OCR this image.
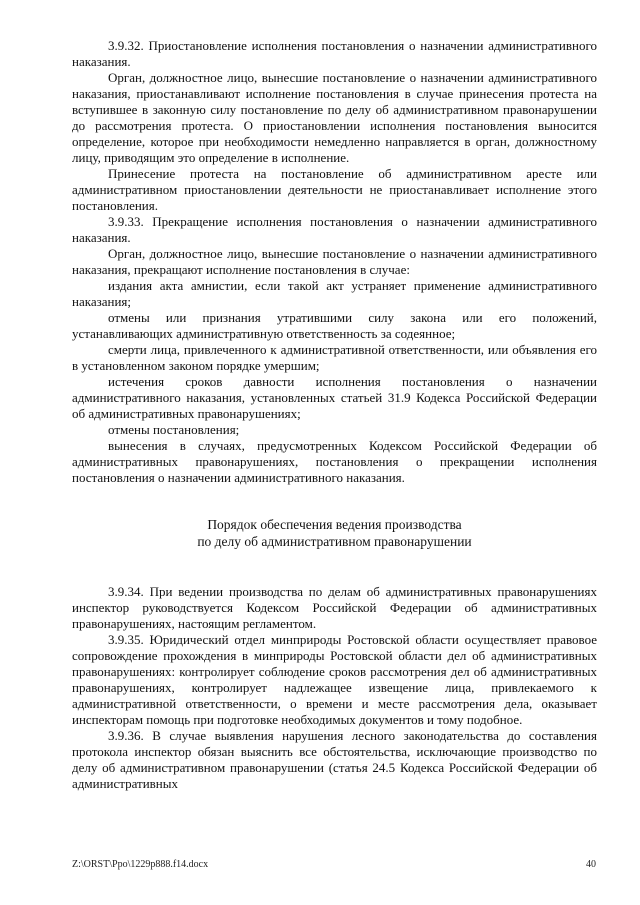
3.9.32. Приостановление исполнения постановления о назначении административного наказания.

Орган, должностное лицо, вынесшие постановление о назначении административного наказания, приостанавливают исполнение постановления в случае принесения протеста на вступившее в законную силу постановление по делу об административном правонарушении до рассмотрения протеста. О приостановлении исполнения постановления выносится определение, которое при необходимости немедленно направляется в орган, должностному лицу, приводящим это определение в исполнение.

Принесение протеста на постановление об административном аресте или административном приостановлении деятельности не приостанавливает исполнение этого постановления.

3.9.33. Прекращение исполнения постановления о назначении административного наказания.

Орган, должностное лицо, вынесшие постановление о назначении административного наказания, прекращают исполнение постановления в случае:

издания акта амнистии, если такой акт устраняет применение административного наказания;

отмены или признания утратившими силу закона или его положений, устанавливающих административную ответственность за содеянное;

смерти лица, привлеченного к административной ответственности, или объявления его в установленном законом порядке умершим;

истечения сроков давности исполнения постановления о назначении административного наказания, установленных статьей 31.9 Кодекса Российской Федерации об административных правонарушениях;

отмены постановления;

вынесения в случаях, предусмотренных Кодексом Российской Федерации об административных правонарушениях, постановления о прекращении исполнения постановления о назначении административного наказания.

Порядок обеспечения ведения производства
по делу об административном правонарушении

3.9.34. При ведении производства по делам об административных правонарушениях инспектор руководствуется Кодексом Российской Федерации об административных правонарушениях, настоящим регламентом.

3.9.35. Юридический отдел минприроды Ростовской области осуществляет правовое сопровождение прохождения в минприроды Ростовской области дел об административных правонарушениях: контролирует соблюдение сроков рассмотрения дел об административных правонарушениях, контролирует надлежащее извещение лица, привлекаемого к административной ответственности, о времени и месте рассмотрения дела, оказывает инспекторам помощь при подготовке необходимых документов и тому подобное.

3.9.36. В случае выявления нарушения лесного законодательства до составления протокола инспектор обязан выяснить все обстоятельства, исключающие производство по делу об административном правонарушении (статья 24.5 Кодекса Российской Федерации об административных

Z:\ORST\Ppo\1229p888.f14.docx	40
